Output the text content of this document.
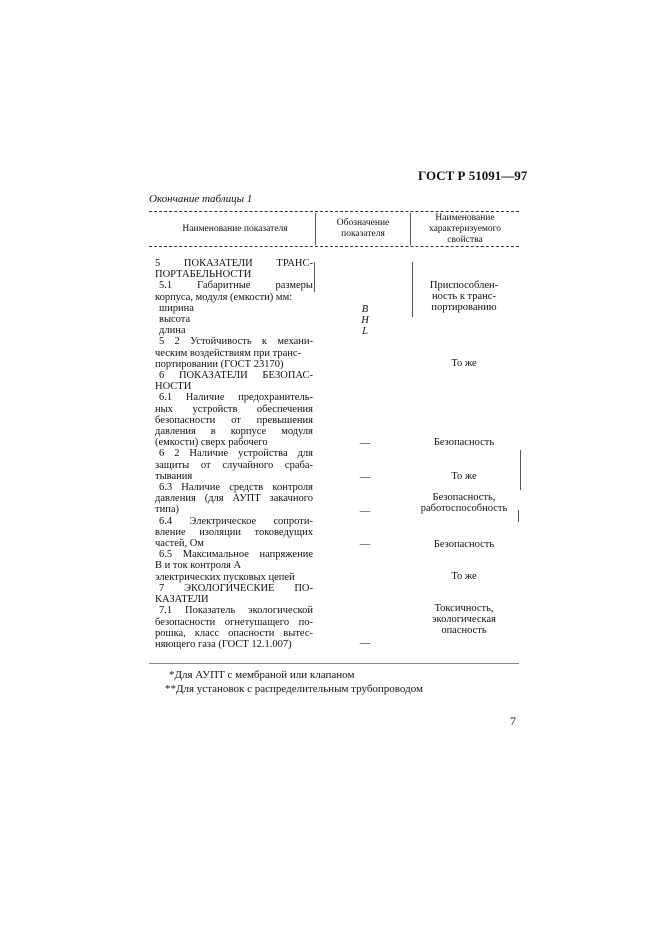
ГОСТ Р 51091—97
Окончание таблицы 1
Наименование показателя
Обозначение
показателя
Наименование
характеризуемого
свойства
5 ПОКАЗАТЕЛИ ТРАНС-
ПОРТАБЕЛЬНОСТИ
5.1 Габаритные размеры
корпуса, модуля (емкости) мм:
ширина
высота
длина
5 2 Устойчивость к механи-
ческим воздействиям при транс-
портировании (ГОСТ 23170)
6 ПОКАЗАТЕЛИ БЕЗОПАС-
НОСТИ
6.1 Наличие предохранитель-
ных устройств обеспечения
безопасности от превышения
давления в корпусе модуля
(емкости) сверх рабочего
6 2 Наличие устройства для
защиты от случайного сраба-
тывания
6.3 Наличие средств контроля
давления (для АУПТ закачного
типа)
6.4 Электрическое сопроти-
вление изоляции токоведущих
частей, Ом
6.5 Максимальное напряжение
В и ток контроля А
электрических пусковых цепей
7 ЭКОЛОГИЧЕСКИЕ ПО-
КАЗАТЕЛИ
7.1 Показатель экологической
безопасности огнетушащего по-
рошка, класс опасности вытес-
няющего газа (ГОСТ 12.1.007)
B
H
L
—
—
—
—
—
Приспособлен-
ность к транс-
портированию
То же
Безопасность
То же
Безопасность,
работоспособность
Безопасность
То же
Токсичность,
экологическая
опасность
*Для АУПТ с мембраной или клапаном
**Для установок с распределительным трубопроводом
7
